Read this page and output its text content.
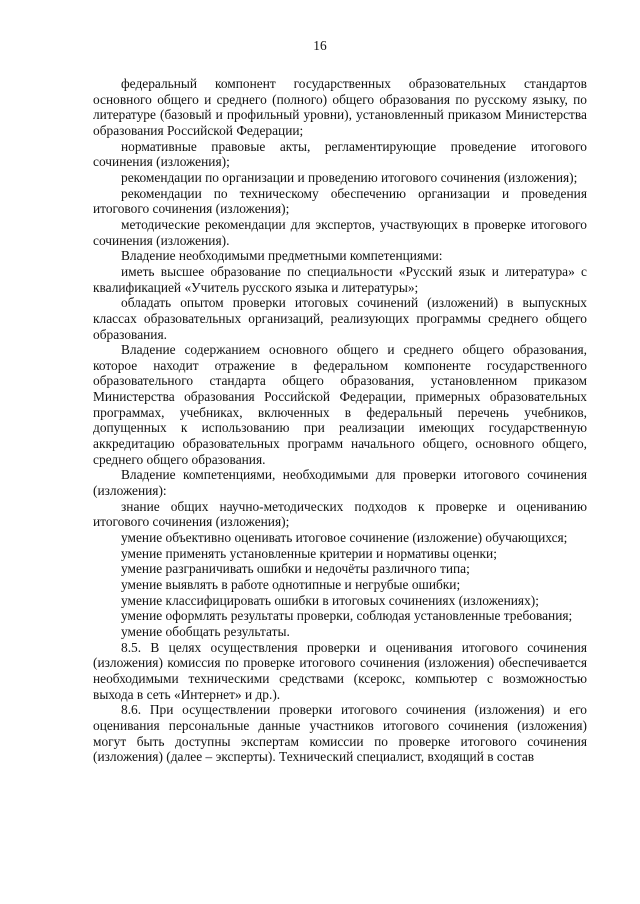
16

федеральный компонент государственных образовательных стандартов основного общего и среднего (полного) общего образования по русскому языку, по литературе (базовый и профильный уровни), установленный приказом Министерства образования Российской Федерации;

нормативные правовые акты, регламентирующие проведение итогового сочинения (изложения);

рекомендации по организации и проведению итогового сочинения (изложения);

рекомендации по техническому обеспечению организации и проведения итогового сочинения (изложения);

методические рекомендации для экспертов, участвующих в проверке итогового сочинения (изложения).

Владение необходимыми предметными компетенциями:

иметь высшее образование по специальности «Русский язык и литература» с квалификацией «Учитель русского языка и литературы»;

обладать опытом проверки итоговых сочинений (изложений) в выпускных классах образовательных организаций, реализующих программы среднего общего образования.

Владение содержанием основного общего и среднего общего образования, которое находит отражение в федеральном компоненте государственного образовательного стандарта общего образования, установленном приказом Министерства образования Российской Федерации, примерных образовательных программах, учебниках, включенных в федеральный перечень учебников, допущенных к использованию при реализации имеющих государственную аккредитацию образовательных программ начального общего, основного общего, среднего общего образования.

Владение компетенциями, необходимыми для проверки итогового сочинения (изложения):

знание общих научно-методических подходов к проверке и оцениванию итогового сочинения (изложения);

умение объективно оценивать итоговое сочинение (изложение) обучающихся;

умение применять установленные критерии и нормативы оценки;

умение разграничивать ошибки и недочёты различного типа;

умение выявлять в работе однотипные и негрубые ошибки;

умение классифицировать ошибки в итоговых сочинениях (изложениях);

умение оформлять результаты проверки, соблюдая установленные требования;

умение обобщать результаты.

8.5. В целях осуществления проверки и оценивания итогового сочинения (изложения) комиссия по проверке итогового сочинения (изложения) обеспечивается необходимыми техническими средствами (ксерокс, компьютер с возможностью выхода в сеть «Интернет» и др.).

8.6. При осуществлении проверки итогового сочинения (изложения) и его оценивания персональные данные участников итогового сочинения (изложения) могут быть доступны экспертам комиссии по проверке итогового сочинения (изложения) (далее – эксперты). Технический специалист, входящий в состав
